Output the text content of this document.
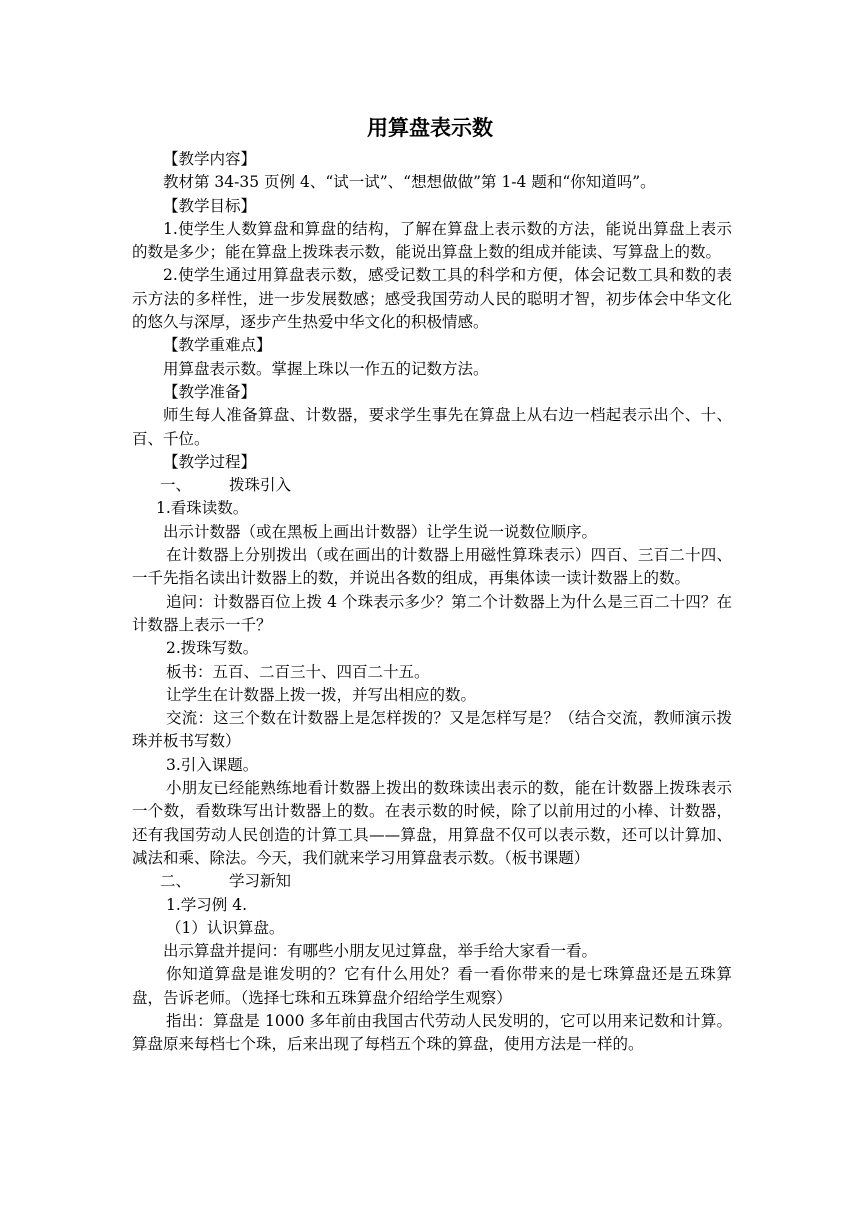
用算盘表示数

【教学内容】

教材第 34-35 页例 4、“试一试”、“想想做做”第 1-4 题和“你知道吗”。

【教学目标】

1.使学生人数算盘和算盘的结构，了解在算盘上表示数的方法，能说出算盘上表示的数是多少；能在算盘上拨珠表示数，能说出算盘上数的组成并能读、写算盘上的数。

2.使学生通过用算盘表示数，感受记数工具的科学和方便，体会记数工具和数的表示方法的多样性，进一步发展数感；感受我国劳动人民的聪明才智，初步体会中华文化的悠久与深厚，逐步产生热爱中华文化的积极情感。

【教学重难点】

用算盘表示数。掌握上珠以一作五的记数方法。

【教学准备】

师生每人准备算盘、计数器，要求学生事先在算盘上从右边一档起表示出个、十、百、千位。

【教学过程】

一、 拨珠引入

1.看珠读数。

出示计数器（或在黑板上画出计数器）让学生说一说数位顺序。

在计数器上分别拨出（或在画出的计数器上用磁性算珠表示）四百、三百二十四、一千先指名读出计数器上的数，并说出各数的组成，再集体读一读计数器上的数。

追问：计数器百位上拨 4 个珠表示多少？第二个计数器上为什么是三百二十四？在计数器上表示一千？

2.拨珠写数。

板书：五百、二百三十、四百二十五。

让学生在计数器上拨一拨，并写出相应的数。

交流：这三个数在计数器上是怎样拨的？又是怎样写是？（结合交流，教师演示拨珠并板书写数）

3.引入课题。

小朋友已经能熟练地看计数器上拨出的数珠读出表示的数，能在计数器上拨珠表示一个数，看数珠写出计数器上的数。在表示数的时候，除了以前用过的小棒、计数器，还有我国劳动人民创造的计算工具——算盘，用算盘不仅可以表示数，还可以计算加、减法和乘、除法。今天，我们就来学习用算盘表示数。（板书课题）

二、 学习新知

1.学习例 4.

（1）认识算盘。

出示算盘并提问：有哪些小朋友见过算盘，举手给大家看一看。

你知道算盘是谁发明的？它有什么用处？看一看你带来的是七珠算盘还是五珠算盘，告诉老师。（选择七珠和五珠算盘介绍给学生观察）

指出：算盘是 1000 多年前由我国古代劳动人民发明的，它可以用来记数和计算。算盘原来每档七个珠，后来出现了每档五个珠的算盘，使用方法是一样的。
